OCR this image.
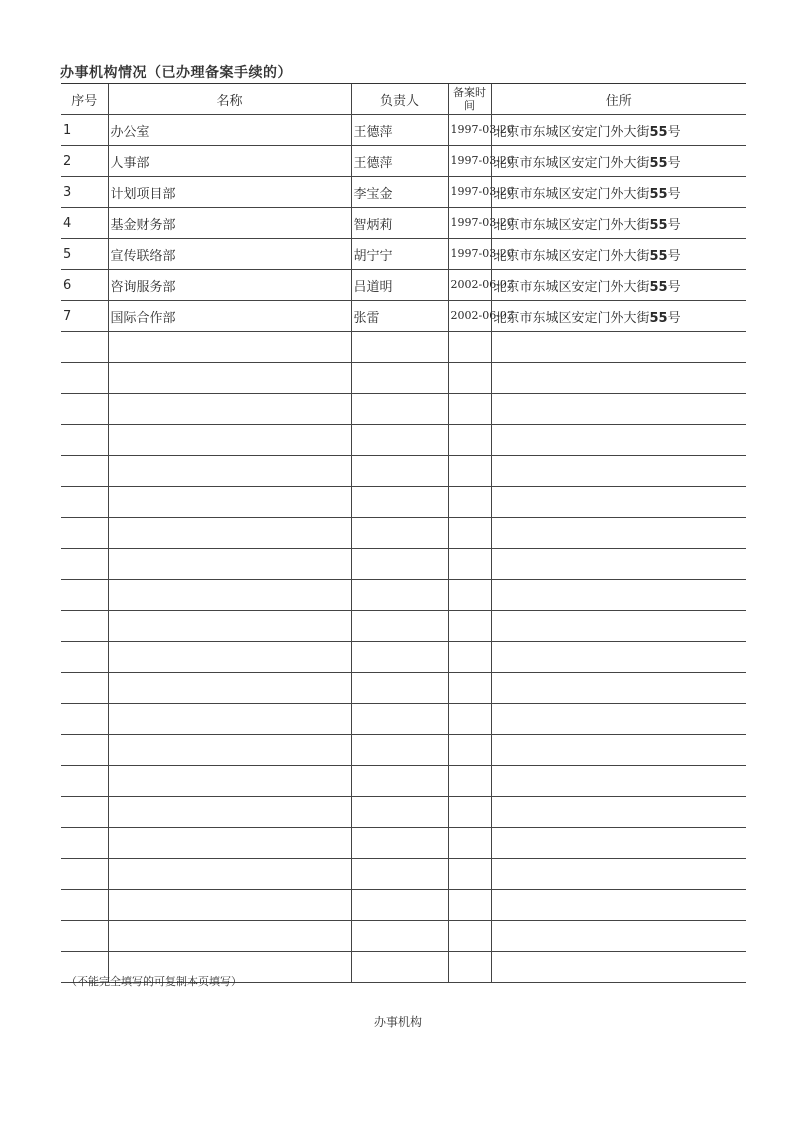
办事机构情况（已办理备案手续的）
序号	名称	负责人	备案时间	住所
1	办公室	王德萍	1997-03-20	北京市东城区安定门外大街55号
2	人事部	王德萍	1997-03-20	北京市东城区安定门外大街55号
3	计划项目部	李宝金	1997-03-20	北京市东城区安定门外大街55号
4	基金财务部	智炳莉	1997-03-20	北京市东城区安定门外大街55号
5	宣传联络部	胡宁宁	1997-03-20	北京市东城区安定门外大街55号
6	咨询服务部	吕道明	2002-06-03	北京市东城区安定门外大街55号
7	国际合作部	张雷	2002-06-03	北京市东城区安定门外大街55号

（不能完全填写的可复制本页填写）
办事机构
